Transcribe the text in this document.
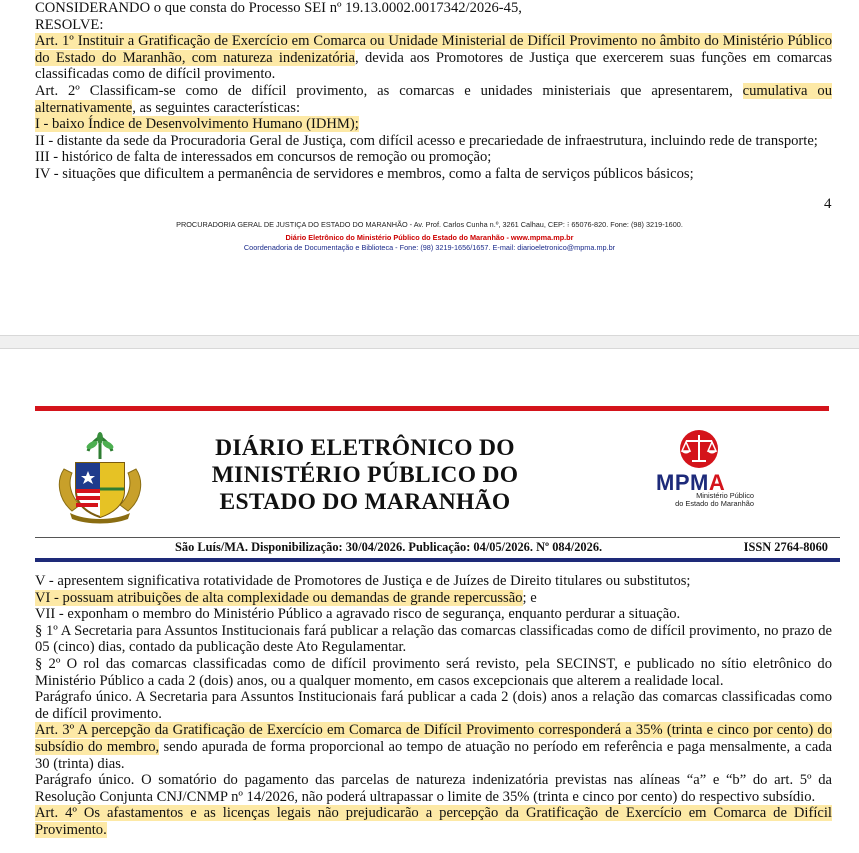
CONSIDERANDO o que consta do Processo SEI nº 19.13.0002.0017342/2026-45,

RESOLVE:

Art. 1º Instituir a Gratificação de Exercício em Comarca ou Unidade Ministerial de Difícil Provimento no âmbito do Ministério Público do Estado do Maranhão, com natureza indenizatória, devida aos Promotores de Justiça que exercerem suas funções em comarcas classificadas como de difícil provimento.

Art. 2º Classificam-se como de difícil provimento, as comarcas e unidades ministeriais que apresentarem, cumulativa ou alternativamente, as seguintes características:

I - baixo Índice de Desenvolvimento Humano (IDHM);

II - distante da sede da Procuradoria Geral de Justiça, com difícil acesso e precariedade de infraestrutura, incluindo rede de transporte;

III - histórico de falta de interessados em concursos de remoção ou promoção;

IV - situações que dificultem a permanência de servidores e membros, como a falta de serviços públicos básicos;

4
PROCURADORIA GERAL DE JUSTIÇA DO ESTADO DO MARANHÃO - Av. Prof. Carlos Cunha n.º, 3261 Calhau, CEP: ⁝ 65076-820. Fone: (98) 3219-1600.
Diário Eletrônico do Ministério Público do Estado do Maranhão - www.mpma.mp.br
Coordenadoria de Documentação e Biblioteca - Fone: (98) 3219-1656/1657. E-mail: diarioeletronico@mpma.mp.br
DIÁRIO ELETRÔNICO DO
MINISTÉRIO PÚBLICO DO
ESTADO DO MARANHÃO
MPMA
Ministério Público
do Estado do Maranhão
São Luís/MA. Disponibilização: 30/04/2026. Publicação: 04/05/2026. Nº 084/2026.	ISSN 2764-8060

V - apresentem significativa rotatividade de Promotores de Justiça e de Juízes de Direito titulares ou substitutos;

VI - possuam atribuições de alta complexidade ou demandas de grande repercussão; e

VII - exponham o membro do Ministério Público a agravado risco de segurança, enquanto perdurar a situação.

§ 1º A Secretaria para Assuntos Institucionais fará publicar a relação das comarcas classificadas como de difícil provimento, no prazo de 05 (cinco) dias, contado da publicação deste Ato Regulamentar.

§ 2º O rol das comarcas classificadas como de difícil provimento será revisto, pela SECINST, e publicado no sítio eletrônico do Ministério Público a cada 2 (dois) anos, ou a qualquer momento, em casos excepcionais que alterem a realidade local.

Parágrafo único. A Secretaria para Assuntos Institucionais fará publicar a cada 2 (dois) anos a relação das comarcas classificadas como de difícil provimento.

Art. 3º A percepção da Gratificação de Exercício em Comarca de Difícil Provimento corresponderá a 35% (trinta e cinco por cento) do subsídio do membro, sendo apurada de forma proporcional ao tempo de atuação no período em referência e paga mensalmente, a cada 30 (trinta) dias.

Parágrafo único. O somatório do pagamento das parcelas de natureza indenizatória previstas nas alíneas “a” e “b” do art. 5º da Resolução Conjunta CNJ/CNMP nº 14/2026, não poderá ultrapassar o limite de 35% (trinta e cinco por cento) do respectivo subsídio.

Art. 4º Os afastamentos e as licenças legais não prejudicarão a percepção da Gratificação de Exercício em Comarca de Difícil Provimento.
